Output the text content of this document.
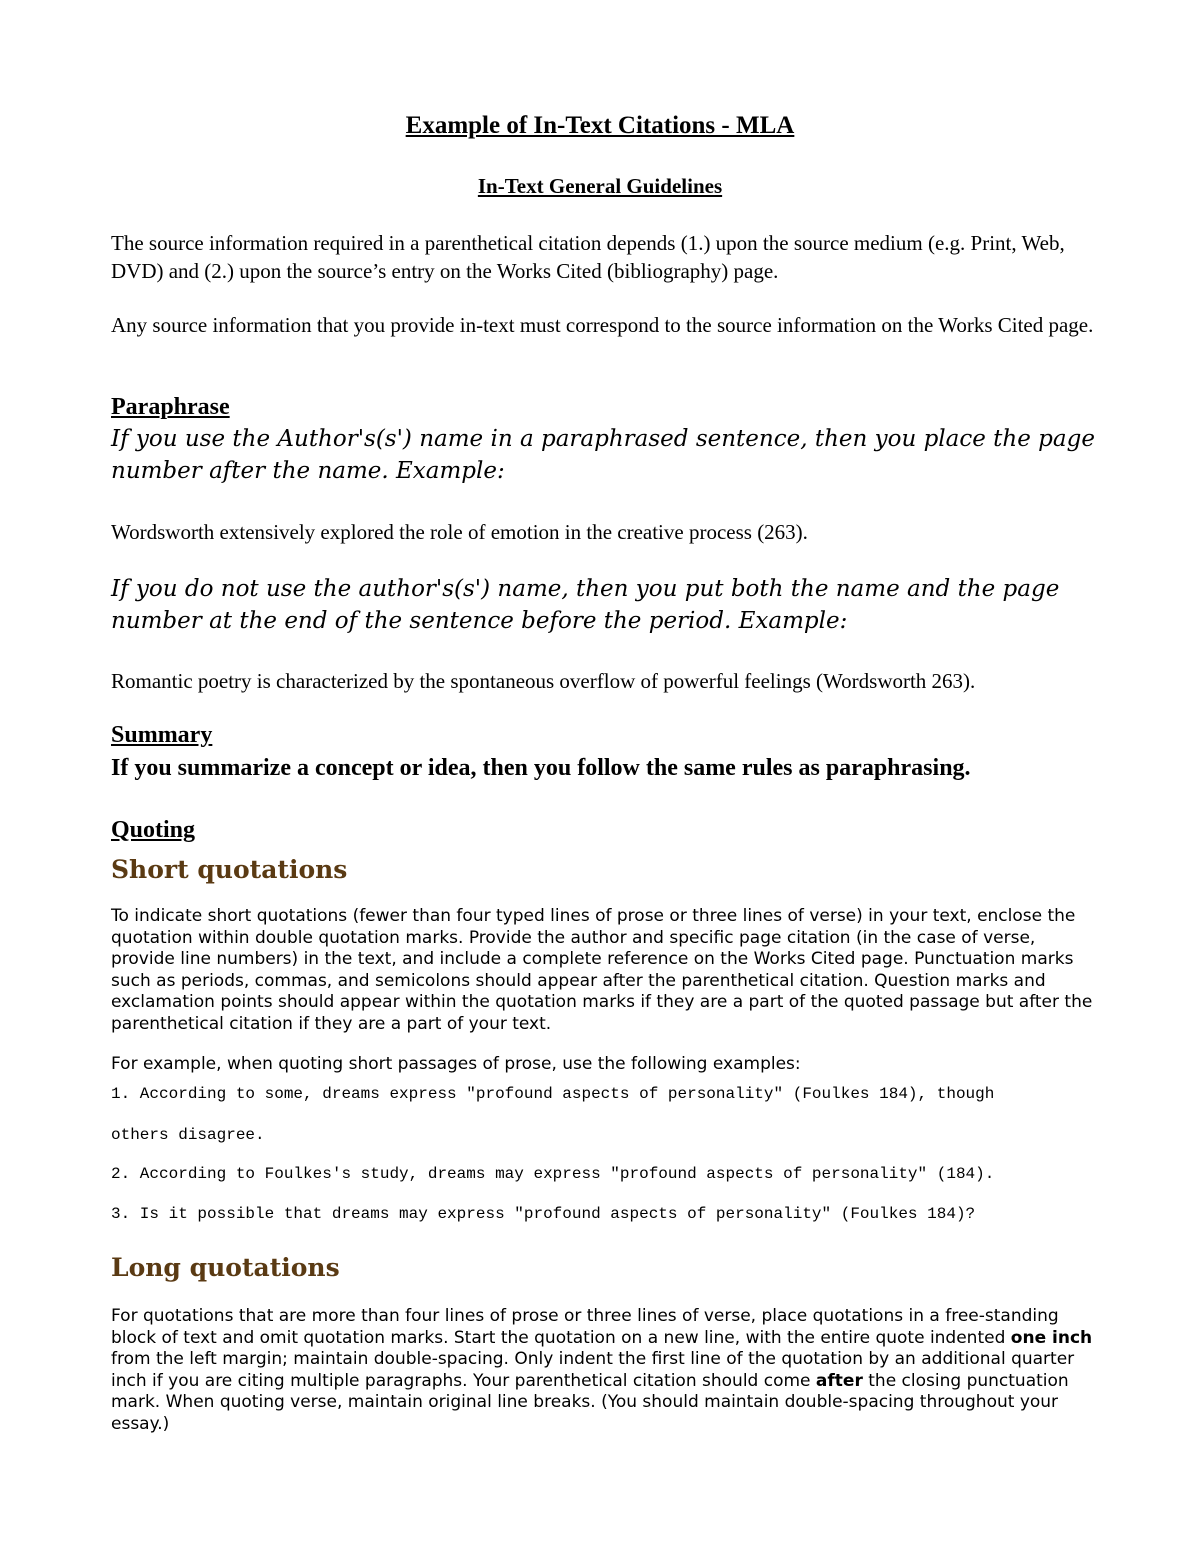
Example of In-Text Citations - MLA
In-Text General Guidelines

The source information required in a parenthetical citation depends (1.) upon the source medium (e.g. Print, Web, DVD) and (2.) upon the source’s entry on the Works Cited (bibliography) page.

Any source information that you provide in-text must correspond to the source information on the Works Cited page.

Paraphrase

If you use the Author's(s') name in a paraphrased sentence, then you place the page number after the name. Example:

Wordsworth extensively explored the role of emotion in the creative process (263).

If you do not use the author's(s') name, then you put both the name and the page number at the end of the sentence before the period. Example:

Romantic poetry is characterized by the spontaneous overflow of powerful feelings (Wordsworth 263).

Summary

If you summarize a concept or idea, then you follow the same rules as paraphrasing.

Quoting
Short quotations

To indicate short quotations (fewer than four typed lines of prose or three lines of verse) in your text, enclose the quotation within double quotation marks. Provide the author and specific page citation (in the case of verse, provide line numbers) in the text, and include a complete reference on the Works Cited page. Punctuation marks such as periods, commas, and semicolons should appear after the parenthetical citation. Question marks and exclamation points should appear within the quotation marks if they are a part of the quoted passage but after the parenthetical citation if they are a part of your text.

For example, when quoting short passages of prose, use the following examples:

1. According to some, dreams express "profound aspects of personality" (Foulkes 184), though

others disagree.

2. According to Foulkes's study, dreams may express "profound aspects of personality" (184).

3. Is it possible that dreams may express "profound aspects of personality" (Foulkes 184)?

Long quotations

For quotations that are more than four lines of prose or three lines of verse, place quotations in a free-standing block of text and omit quotation marks. Start the quotation on a new line, with the entire quote indented one inch from the left margin; maintain double-spacing. Only indent the first line of the quotation by an additional quarter inch if you are citing multiple paragraphs. Your parenthetical citation should come after the closing punctuation mark. When quoting verse, maintain original line breaks. (You should maintain double-spacing throughout your essay.)
